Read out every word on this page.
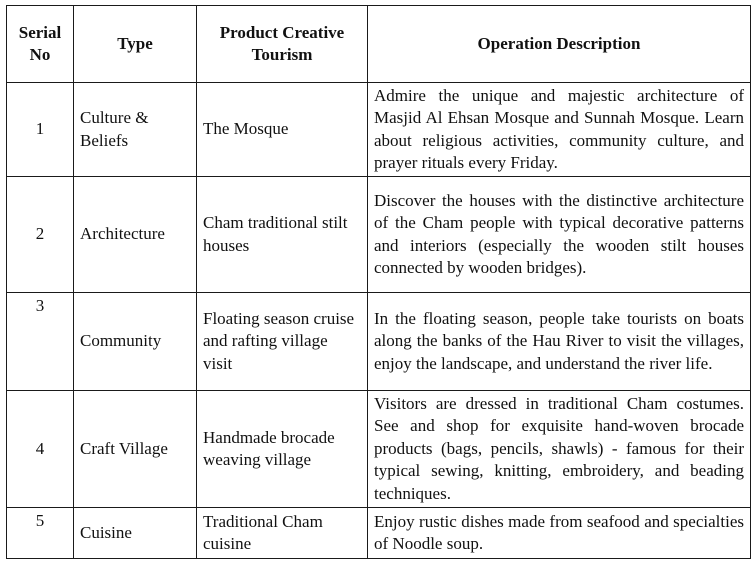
Serial No	Type	Product Creative Tourism	Operation Description
1	Culture & Beliefs	The Mosque	Admire the unique and majestic architecture of Masjid Al Ehsan Mosque and Sunnah Mosque. Learn about religious activities, community culture, and prayer rituals every Friday.
2	Architecture	Cham traditional stilt houses	Discover the houses with the distinctive architecture of the Cham people with typical decorative patterns and interiors (especially the wooden stilt houses connected by wooden bridges).
3	Community	Floating season cruise and rafting village visit	In the floating season, people take tourists on boats along the banks of the Hau River to visit the villages, enjoy the landscape, and understand the river life.
4	Craft Village	Handmade brocade weaving village	Visitors are dressed in traditional Cham costumes. See and shop for exquisite hand-woven brocade products (bags, pencils, shawls) - famous for their typical sewing, knitting, embroidery, and beading techniques.
5	Cuisine	Traditional Cham cuisine	Enjoy rustic dishes made from seafood and specialties of Noodle soup.
